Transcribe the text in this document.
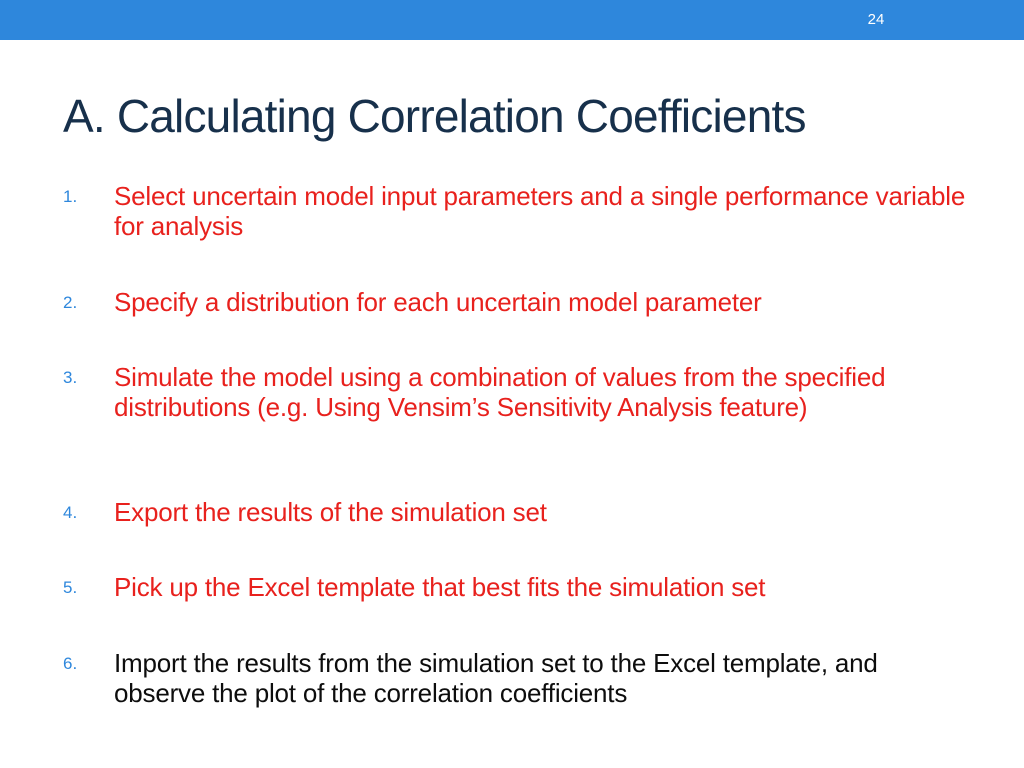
24
A. Calculating Correlation Coefficients
1. Select uncertain model input parameters and a single performance variable for analysis
2. Specify a distribution for each uncertain model parameter
3. Simulate the model using a combination of values from the specified distributions (e.g. Using Vensim’s Sensitivity Analysis feature)
4. Export the results of the simulation set
5. Pick up the Excel template that best fits the simulation set
6. Import the results from the simulation set to the Excel template, and observe the plot of the correlation coefficients
